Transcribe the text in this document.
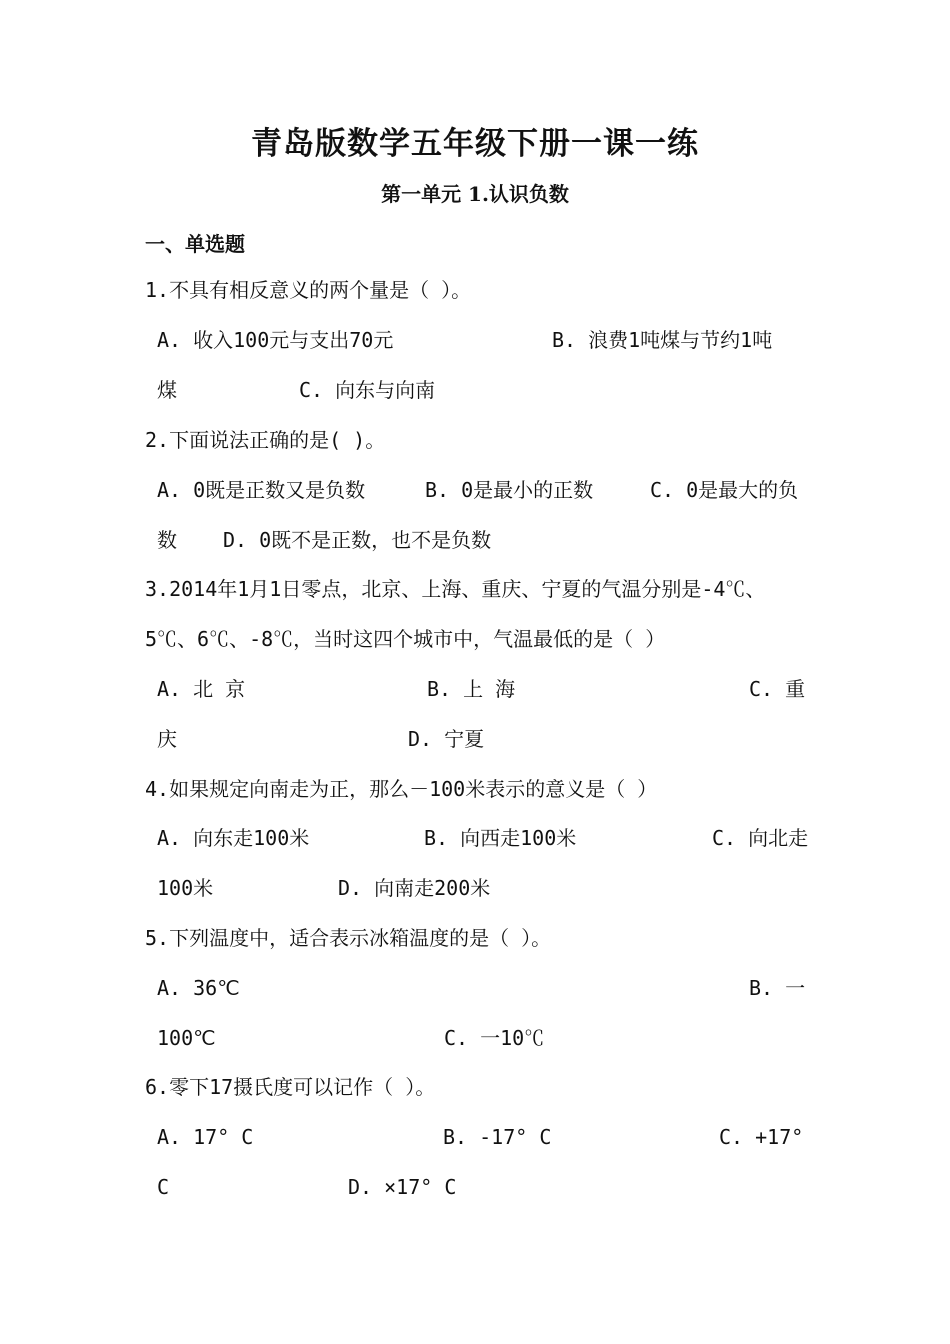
青岛版数学五年级下册一课一练
第一单元 1.认识负数
一、单选题
1.不具有相反意义的两个量是（ ）。
A. 收入100元与支出70元	B. 浪费1吨煤与节约1吨
煤	C. 向东与向南
2.下面说法正确的是( )。
A. 0既是正数又是负数	B. 0是最小的正数	C. 0是最大的负
数 D. 0既不是正数，也不是负数
3.2014年1月1日零点，北京、上海、重庆、宁夏的气温分别是-4℃、
5℃、6℃、-8℃，当时这四个城市中，气温最低的是（ ）
A. 北 京	B. 上 海	C. 重
庆	D. 宁夏
4.如果规定向南走为正，那么－100米表示的意义是（ ）
A. 向东走100米	B. 向西走100米	C. 向北走
100米	D. 向南走200米
5.下列温度中，适合表示冰箱温度的是（ ）。
A. 36℃	B. 一
100℃	C. 一10℃
6.零下17摄氏度可以记作（ ）。
A. 17° C	B. -17° C	C. +17°
C	D. ×17° C
